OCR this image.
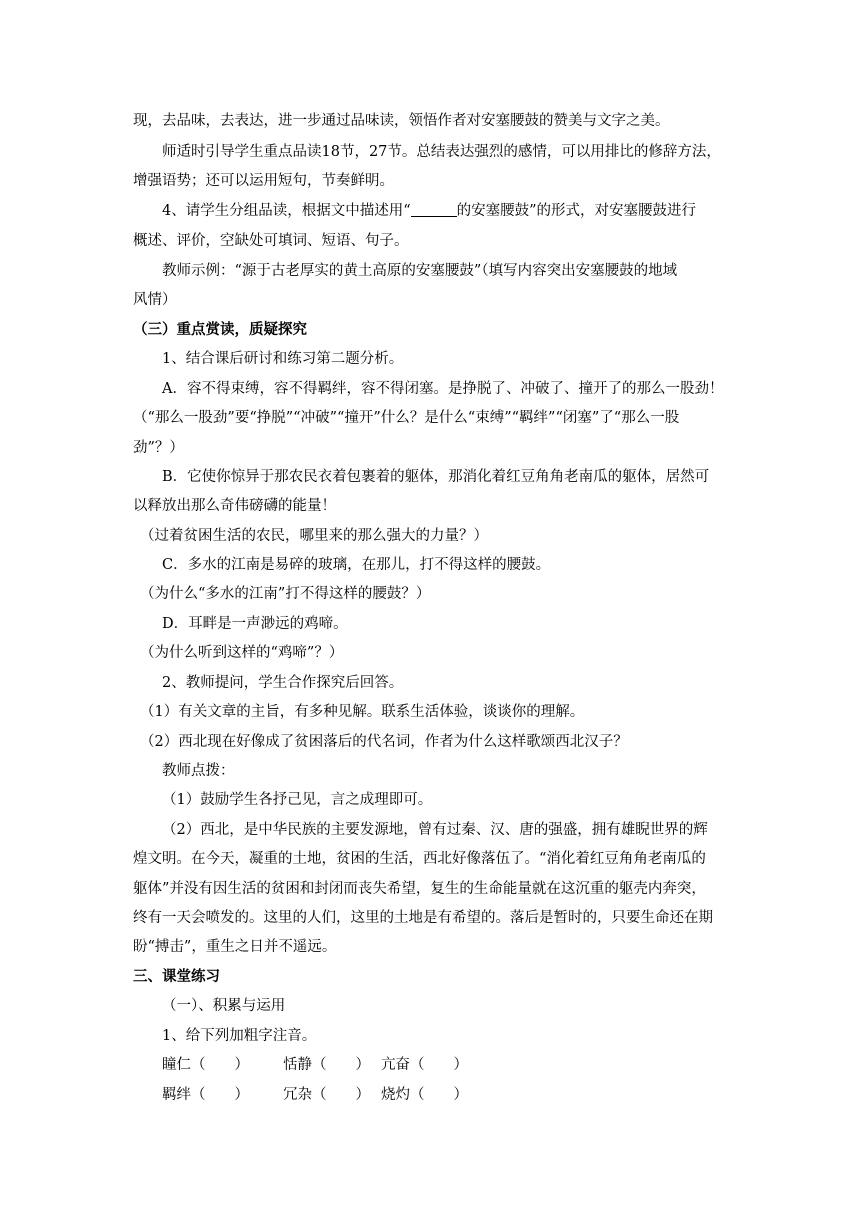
现，去品味，去表达，进一步通过品味读，领悟作者对安塞腰鼓的赞美与文字之美。
师适时引导学生重点品读18节，27节。总结表达强烈的感情，可以用排比的修辞方法，
增强语势；还可以运用短句，节奏鲜明。
4、请学生分组品读，根据文中描述用“	的安塞腰鼓”的形式，对安塞腰鼓进行
概述、评价，空缺处可填词、短语、句子。
教师示例：“源于古老厚实的黄土高原的安塞腰鼓”（填写内容突出安塞腰鼓的地域
风情）
（三）重点赏读，质疑探究
1、结合课后研讨和练习第二题分析。
A．容不得束缚，容不得羁绊，容不得闭塞。是挣脱了、冲破了、撞开了的那么一股劲！
（“那么一股劲”要“挣脱”“冲破”“撞开”什么？是什么“束缚”“羁绊”“闭塞”了“那么一股
劲”？）
B．它使你惊异于那农民衣着包裹着的躯体，那消化着红豆角角老南瓜的躯体，居然可
以释放出那么奇伟磅礴的能量！
（过着贫困生活的农民，哪里来的那么强大的力量？）
C．多水的江南是易碎的玻璃，在那儿，打不得这样的腰鼓。
（为什么“多水的江南”打不得这样的腰鼓？）
D．耳畔是一声渺远的鸡啼。
（为什么听到这样的“鸡啼”？）
2、教师提问，学生合作探究后回答。
（1）有关文章的主旨，有多种见解。联系生活体验，谈谈你的理解。
（2）西北现在好像成了贫困落后的代名词，作者为什么这样歌颂西北汉子？
教师点拨：
（1）鼓励学生各抒己见，言之成理即可。
（2）西北，是中华民族的主要发源地，曾有过秦、汉、唐的强盛，拥有雄睨世界的辉
煌文明。在今天，凝重的土地，贫困的生活，西北好像落伍了。“消化着红豆角角老南瓜的
躯体”并没有因生活的贫困和封闭而丧失希望，复生的生命能量就在这沉重的躯壳内奔突，
终有一天会喷发的。这里的人们，这里的土地是有希望的。落后是暂时的，只要生命还在期
盼“搏击”，重生之日并不遥远。
三、课堂练习
（一）、积累与运用
1、给下列加粗字注音。
瞳仁（　　） 恬静（　　） 亢奋（　　）
羁绊（　　） 冗杂（　　） 烧灼（　　）
